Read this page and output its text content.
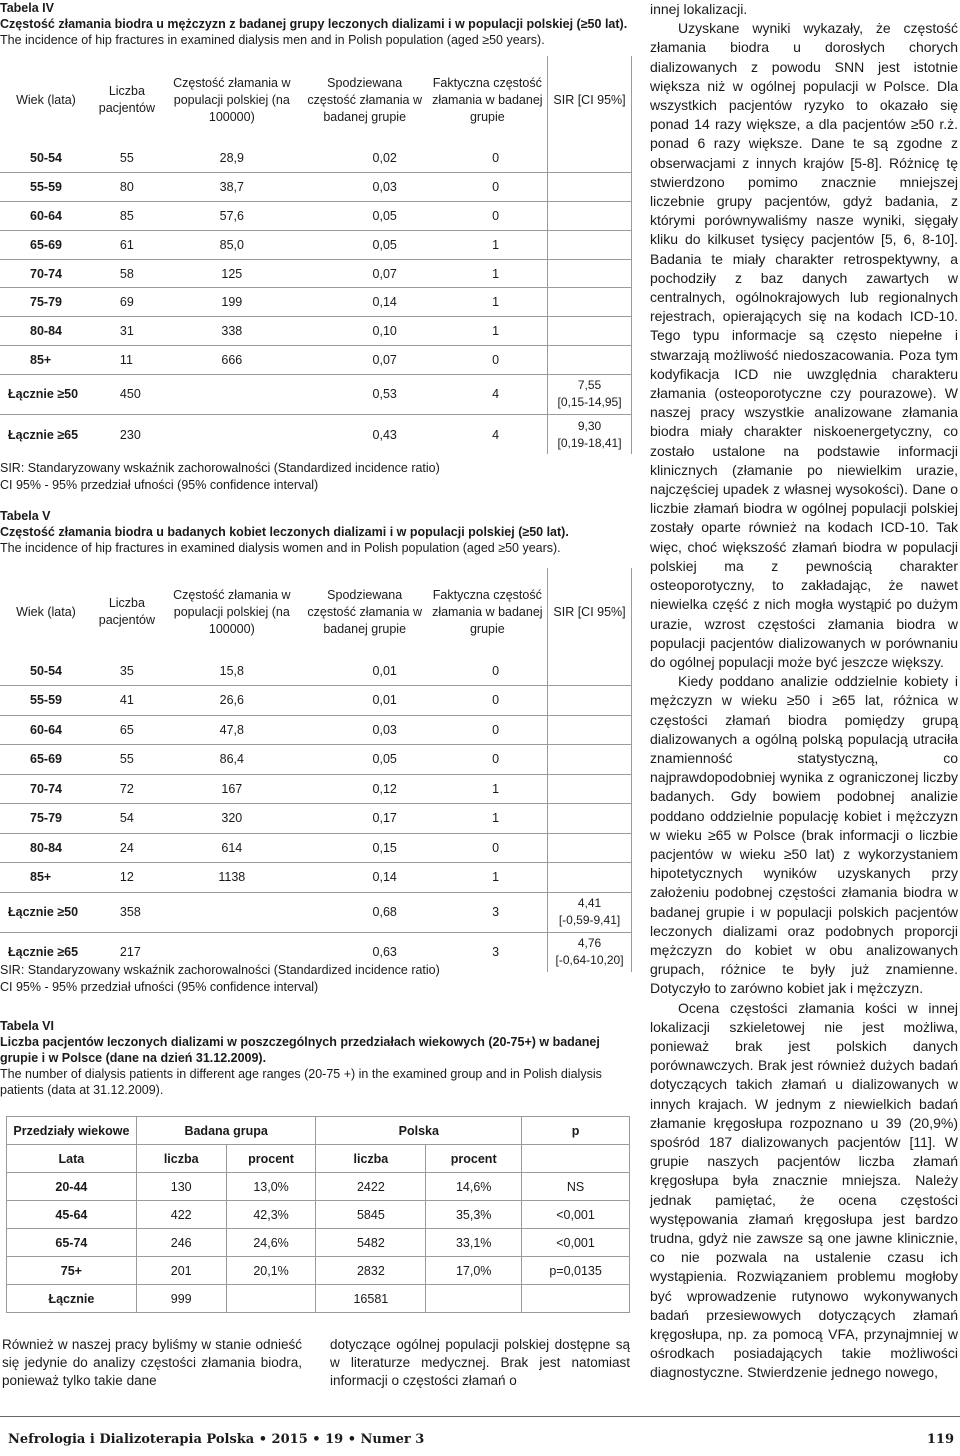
Tabela IV
Częstość złamania biodra u mężczyzn z badanej grupy leczonych dializami i w populacji polskiej (≥50 lat).
The incidence of hip fractures in examined dialysis men and in Polish population (aged ≥50 years).
Wiek (lata)	Liczba pacjentów	Częstość złamania w populacji polskiej (na 100000)	Spodziewana częstość złamania w badanej grupie	Faktyczna częstość złamania w badanej grupie	SIR [CI 95%]
50-54	55	28,9	0,02	0	
55-59	80	38,7	0,03	0	
60-64	85	57,6	0,05	0	
65-69	61	85,0	0,05	1	
70-74	58	125	0,07	1	
75-79	69	199	0,14	1	
80-84	31	338	0,10	1	
85+	11	666	0,07	0	
Łącznie ≥50	450		0,53	4	7,55
[0,15-14,95]

Łącznie ≥65	230		0,43	4	9,30
[0,19-18,41]
SIR: Standaryzowany wskaźnik zachorowalności (Standardized incidence ratio)
CI 95% - 95% przedział ufności (95% confidence interval)
Tabela V
Częstość złamania biodra u badanych kobiet leczonych dializami i w populacji polskiej (≥50 lat).
The incidence of hip fractures in examined dialysis women and in Polish population (aged ≥50 years).
Wiek (lata)	Liczba pacjentów	Częstość złamania w populacji polskiej (na 100000)	Spodziewana częstość złamania w badanej grupie	Faktyczna częstość złamania w badanej grupie	SIR [CI 95%]
50-54	35	15,8	0,01	0	
55-59	41	26,6	0,01	0	
60-64	65	47,8	0,03	0	
65-69	55	86,4	0,05	0	
70-74	72	167	0,12	1	
75-79	54	320	0,17	1	
80-84	24	614	0,15	0	
85+	12	1138	0,14	1	
Łącznie ≥50	358		0,68	3	4,41
[-0,59-9,41]

Łącznie ≥65	217		0,63	3	4,76
[-0,64-10,20]
SIR: Standaryzowany wskaźnik zachorowalności (Standardized incidence ratio)
CI 95% - 95% przedział ufności (95% confidence interval)
Tabela VI
Liczba pacjentów leczonych dializami w poszczególnych przedziałach wiekowych (20-75+) w badanej grupie i w Polsce (dane na dzień 31.12.2009).
The number of dialysis patients in different age ranges (20-75 +) in the examined group and in Polish dialysis patients (data at 31.12.2009).
Przedziały wiekowe	Badana grupa		Polska		p
Lata	liczba	procent	liczba	procent	
20-44	130	13,0%	2422	14,6%	NS
45-64	422	42,3%	5845	35,3%	<0,001
65-74	246	24,6%	5482	33,1%	<0,001
75+	201	20,1%	2832	17,0%	p=0,0135
Łącznie	999		16581		
Również w naszej pracy byliśmy w stanie odnieść się jedynie do analizy częstości złamania biodra, ponieważ tylko takie dane
dotyczące ogólnej populacji polskiej dostępne są w literaturze medycznej. Brak jest natomiast informacji o częstości złamań o
innej lokalizacji.
Uzyskane wyniki wykazały, że częstość złamania biodra u dorosłych chorych dializowanych z powodu SNN jest istotnie większa niż w ogólnej populacji w Polsce. Dla wszystkich pacjentów ryzyko to okazało się ponad 14 razy większe, a dla pacjentów ≥50 r.ż. ponad 6 razy większe. Dane te są zgodne z obserwacjami z innych krajów [5-8]. Różnicę tę stwierdzono pomimo znacznie mniejszej liczebnie grupy pacjentów, gdyż badania, z którymi porównywaliśmy nasze wyniki, sięgały kliku do kilkuset tysięcy pacjentów [5, 6, 8-10]. Badania te miały charakter retrospektywny, a pochodziły z baz danych zawartych w centralnych, ogólnokrajowych lub regionalnych rejestrach, opierających się na kodach ICD-10. Tego typu informacje są często niepełne i stwarzają możliwość niedoszacowania. Poza tym kodyfikacja ICD nie uwzględnia charakteru złamania (osteoporotyczne czy pourazowe). W naszej pracy wszystkie analizowane złamania biodra miały charakter niskoenergetyczny, co zostało ustalone na podstawie informacji klinicznych (złamanie po niewielkim urazie, najczęściej upadek z własnej wysokości). Dane o liczbie złamań biodra w ogólnej populacji polskiej zostały oparte również na kodach ICD-10. Tak więc, choć większość złamań biodra w populacji polskiej ma z pewnością charakter osteoporotyczny, to zakładając, że nawet niewielka część z nich mogła wystąpić po dużym urazie, wzrost częstości złamania biodra w populacji pacjentów dializowanych w porównaniu do ogólnej populacji może być jeszcze większy.
Kiedy poddano analizie oddzielnie kobiety i mężczyzn w wieku ≥50 i ≥65 lat, różnica w częstości złamań biodra pomiędzy grupą dializowanych a ogólną polską populacją utraciła znamienność statystyczną, co najprawdopodobniej wynika z ograniczonej liczby badanych. Gdy bowiem podobnej analizie poddano oddzielnie populację kobiet i mężczyzn w wieku ≥65 w Polsce (brak informacji o liczbie pacjentów w wieku ≥50 lat) z wykorzystaniem hipotetycznych wyników uzyskanych przy założeniu podobnej częstości złamania biodra w badanej grupie i w populacji polskich pacjentów leczonych dializami oraz podobnych proporcji mężczyzn do kobiet w obu analizowanych grupach, różnice te były już znamienne. Dotyczyło to zarówno kobiet jak i mężczyzn.
Ocena częstości złamania kości w innej lokalizacji szkieletowej nie jest możliwa, ponieważ brak jest polskich danych porównawczych. Brak jest również dużych badań dotyczących takich złamań u dializowanych w innych krajach. W jednym z niewielkich badań złamanie kręgosłupa rozpoznano u 39 (20,9%) spośród 187 dializowanych pacjentów [11]. W grupie naszych pacjentów liczba złamań kręgosłupa była znacznie mniejsza. Należy jednak pamiętać, że ocena częstości występowania złamań kręgosłupa jest bardzo trudna, gdyż nie zawsze są one jawne klinicznie, co nie pozwala na ustalenie czasu ich wystąpienia. Rozwiązaniem problemu mogłoby być wprowadzenie rutynowo wykonywanych badań przesiewowych dotyczących złamań kręgosłupa, np. za pomocą VFA, przynajmniej w ośrodkach posiadających takie możliwości diagnostyczne. Stwierdzenie jednego nowego,
Nefrologia i Dializoterapia Polska • 2015 • 19 • Numer 3	119
